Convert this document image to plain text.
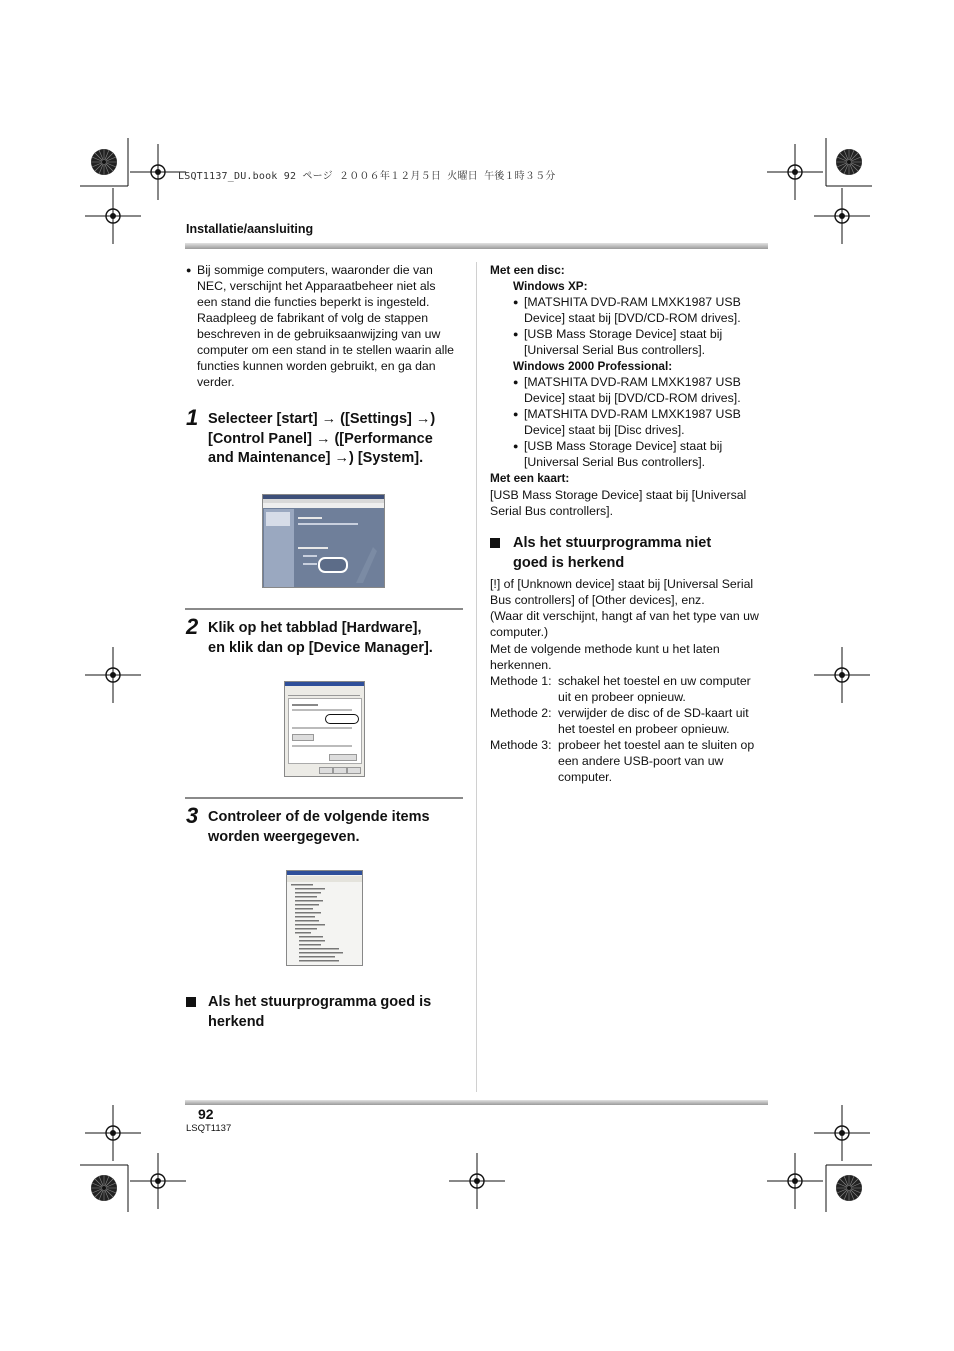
LSQT1137_DU.book 92 ページ ２００６年１２月５日 火曜日 午後１時３５分
Installatie/aansluiting
● Bij sommige computers, waaronder die van
NEC, verschijnt het Apparaatbeheer niet als
een stand die functies beperkt is ingesteld.
Raadpleeg de fabrikant of volg de stappen
beschreven in de gebruiksaanwijzing van uw
computer om een stand in te stellen waarin alle
functies kunnen worden gebruikt, en ga dan
verder.
1 Selecteer [start] → ([Settings] →)
[Control Panel] → ([Performance
and Maintenance] →) [System].
2 Klik op het tabblad [Hardware],
en klik dan op [Device Manager].
3 Controleer of de volgende items
worden weergegeven.
Als het stuurprogramma goed is
herkend
Met een disc:
Windows XP:
● [MATSHITA DVD-RAM LMXK1987 USB
Device] staat bij [DVD/CD-ROM drives].
● [USB Mass Storage Device] staat bij
[Universal Serial Bus controllers].
Windows 2000 Professional:
● [MATSHITA DVD-RAM LMXK1987 USB
Device] staat bij [DVD/CD-ROM drives].
● [MATSHITA DVD-RAM LMXK1987 USB
Device] staat bij [Disc drives].
● [USB Mass Storage Device] staat bij
[Universal Serial Bus controllers].
Met een kaart:
[USB Mass Storage Device] staat bij [Universal
Serial Bus controllers].
Als het stuurprogramma niet
goed is herkend
[!] of [Unknown device] staat bij [Universal Serial
Bus controllers] of [Other devices], enz.
(Waar dit verschijnt, hangt af van het type van uw
computer.)
Met de volgende methode kunt u het laten
herkennen.
Methode 1: schakel het toestel en uw computer
uit en probeer opnieuw.
Methode 2: verwijder de disc of de SD-kaart uit
het toestel en probeer opnieuw.
Methode 3: probeer het toestel aan te sluiten op
een andere USB-poort van uw
computer.
92
LSQT1137
